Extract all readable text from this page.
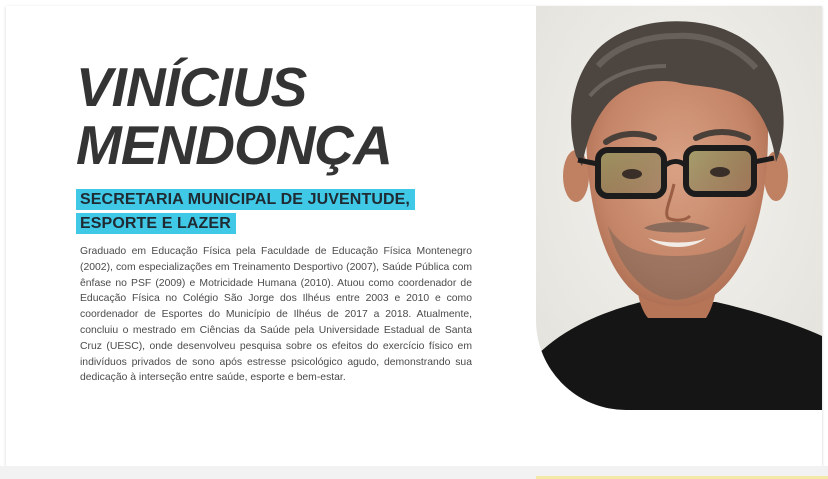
VINÍCIUS
MENDONÇA
SECRETARIA MUNICIPAL DE JUVENTUDE,
ESPORTE E LAZER

Graduado em Educação Física pela Faculdade de Educação Física Montenegro (2002), com especializações em Treinamento Desportivo (2007), Saúde Pública com ênfase no PSF (2009) e Motricidade Humana (2010). Atuou como coordenador de Educação Física no Colégio São Jorge dos Ilhéus entre 2003 e 2010 e como coordenador de Esportes do Município de Ilhéus de 2017 a 2018. Atualmente, concluiu o mestrado em Ciências da Saúde pela Universidade Estadual de Santa Cruz (UESC), onde desenvolveu pesquisa sobre os efeitos do exercício físico em indivíduos privados de sono após estresse psicológico agudo, demonstrando sua dedicação à interseção entre saúde, esporte e bem-estar.
